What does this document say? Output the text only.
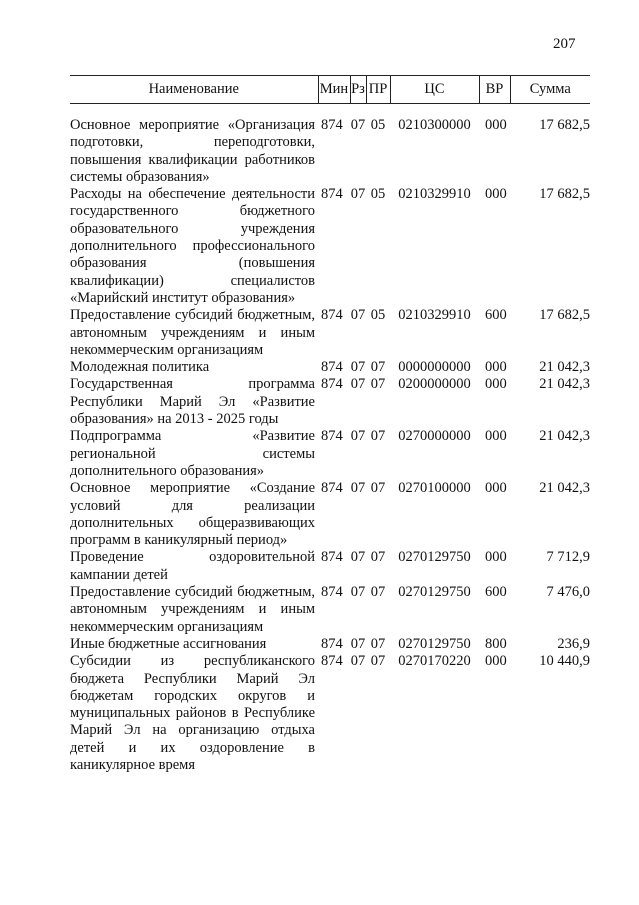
207
Наименование	Мин	Рз	ПР	ЦС	ВР	Сумма

Основное мероприятие «Организация подготовки, переподготовки, повышения квалификации работников системы образования»	874	07	05	0210300000	000	17 682,5
Расходы на обеспечение деятельности государственного бюджетного образовательного учреждения дополнительного профессионального образования (повышения квалификации) специалистов «Марийский институт образования»	874	07	05	0210329910	000	17 682,5
Предоставление субсидий бюджетным, автономным учреждениям и иным некоммерческим организациям	874	07	05	0210329910	600	17 682,5
Молодежная политика	874	07	07	0000000000	000	21 042,3
Государственная программа Республики Марий Эл «Развитие образования» на 2013 - 2025 годы	874	07	07	0200000000	000	21 042,3
Подпрограмма «Развитие региональной системы дополнительного образования»	874	07	07	0270000000	000	21 042,3
Основное мероприятие «Создание условий для реализации дополнительных общеразвивающих программ в каникулярный период»	874	07	07	0270100000	000	21 042,3
Проведение оздоровительной кампании детей	874	07	07	0270129750	000	7 712,9
Предоставление субсидий бюджетным, автономным учреждениям и иным некоммерческим организациям	874	07	07	0270129750	600	7 476,0
Иные бюджетные ассигнования	874	07	07	0270129750	800	236,9
Субсидии из республиканского бюджета Республики Марий Эл бюджетам городских округов и муниципальных районов в Республике Марий Эл на организацию отдыха детей и их оздоровление в каникулярное время	874	07	07	0270170220	000	10 440,9
